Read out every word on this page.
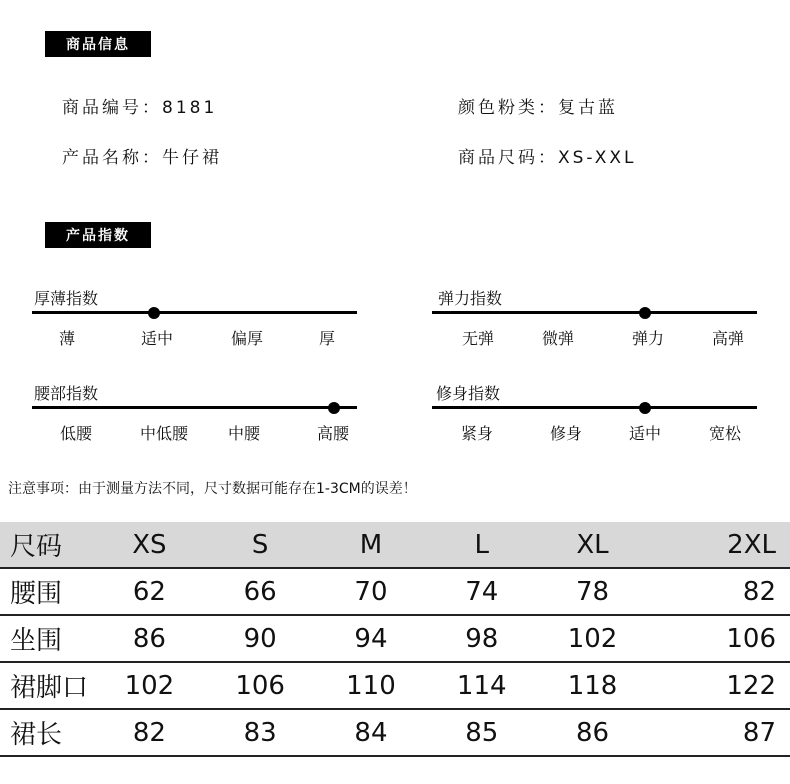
商品信息
产品指数
商品编号：8181	颜色粉类：复古蓝
产品名称：牛仔裙	商品尺码：XS-XXL
厚薄指数
薄	适中	偏厚	厚
弹力指数
无弹	微弹	弹力	高弹
腰部指数
低腰	中低腰	中腰	高腰
修身指数
紧身	修身	适中	宽松
注意事项：由于测量方法不同，尺寸数据可能存在1-3CM的误差！
尺码	XS	S	M	L	XL	2XL
腰围	62	66	70	74	78	82
坐围	86	90	94	98	102	106
裙脚口	102	106	110	114	118	122
裙长	82	83	84	85	86	87
